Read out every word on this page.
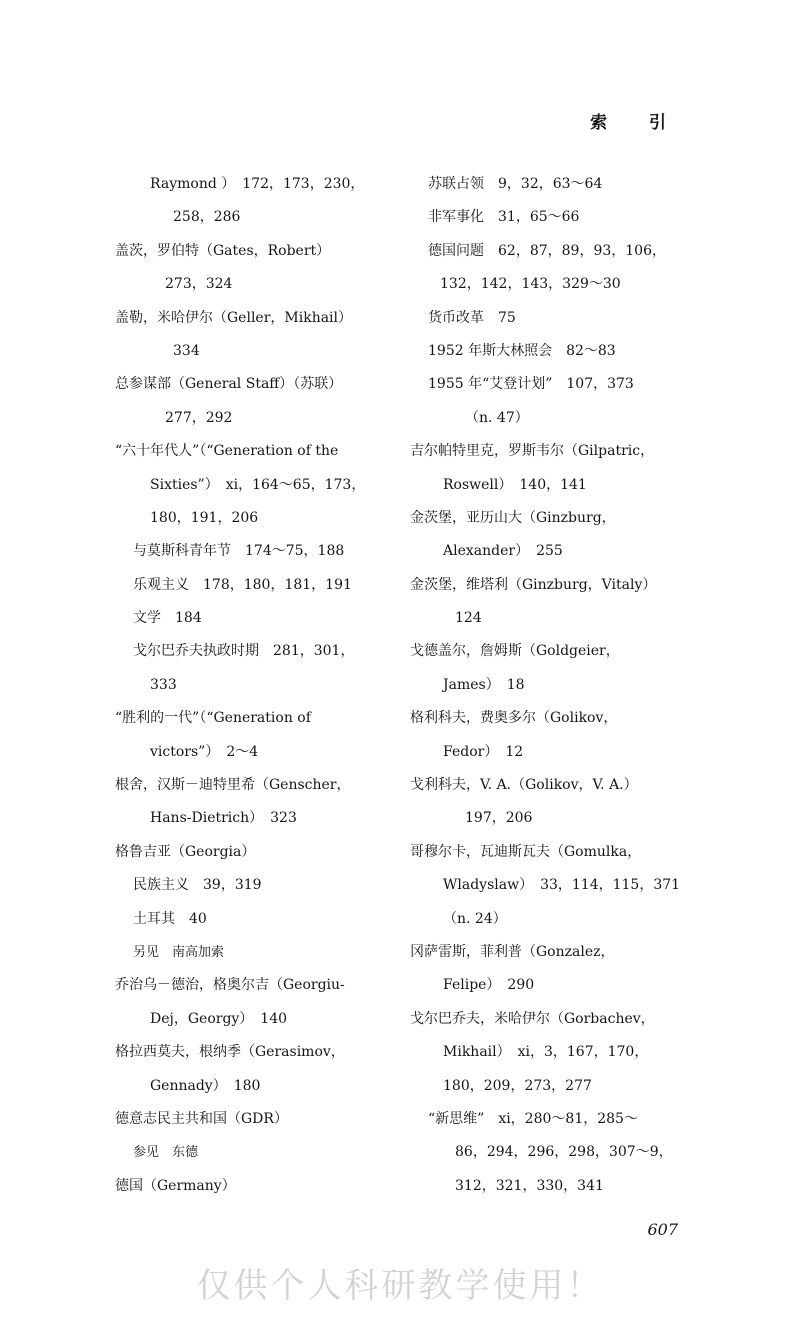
索 引
Raymond ）　172，173，230，
258，286
盖茨，罗伯特（Gates，Robert）
273，324
盖勒，米哈伊尔（Geller，Mikhail）
334
总参谋部（General Staff）（苏联）
277，292
“六十年代人”（“Generation of the
Sixties”）　xi，164～65，173，
180，191，206
与莫斯科青年节　174～75，188
乐观主义　178，180，181，191
文学　184
戈尔巴乔夫执政时期　281，301，
333
“胜利的一代”（“Generation of
victors”）　2～4
根舍，汉斯－迪特里希（Genscher，
Hans-Dietrich）　323
格鲁吉亚（Georgia）
民族主义　39，319
土耳其　40
另见　南高加索
乔治乌－德治，格奥尔吉（Georgiu-
Dej，Georgy）　140
格拉西莫夫，根纳季（Gerasimov，
Gennady）　180
德意志民主共和国（GDR）
参见　东德
德国（Germany）
苏联占领　9，32，63～64
非军事化　31，65～66
德国问题　62，87，89，93，106，
132，142，143，329～30
货币改革　75
1952 年斯大林照会　82～83
1955 年“艾登计划”　107，373
（n. 47）
吉尔帕特里克，罗斯韦尔（Gilpatric，
Roswell）　140，141
金茨堡，亚历山大（Ginzburg，
Alexander）　255
金茨堡，维塔利（Ginzburg，Vitaly）
124
戈德盖尔，詹姆斯（Goldgeier，
James）　18
格利科夫，费奥多尔（Golikov，
Fedor）　12
戈利科夫，V. A.（Golikov，V. A.）
197，206
哥穆尔卡，瓦迪斯瓦夫（Gomulka，
Wladyslaw）　33，114，115，371
（n. 24）
冈萨雷斯，菲利普（Gonzalez，
Felipe）　290
戈尔巴乔夫，米哈伊尔（Gorbachev，
Mikhail）　xi，3，167，170，
180，209，273，277
“新思维”　xi，280～81，285～
86，294，296，298，307～9，
312，321，330，341
607
仅供个人科研教学使用！
